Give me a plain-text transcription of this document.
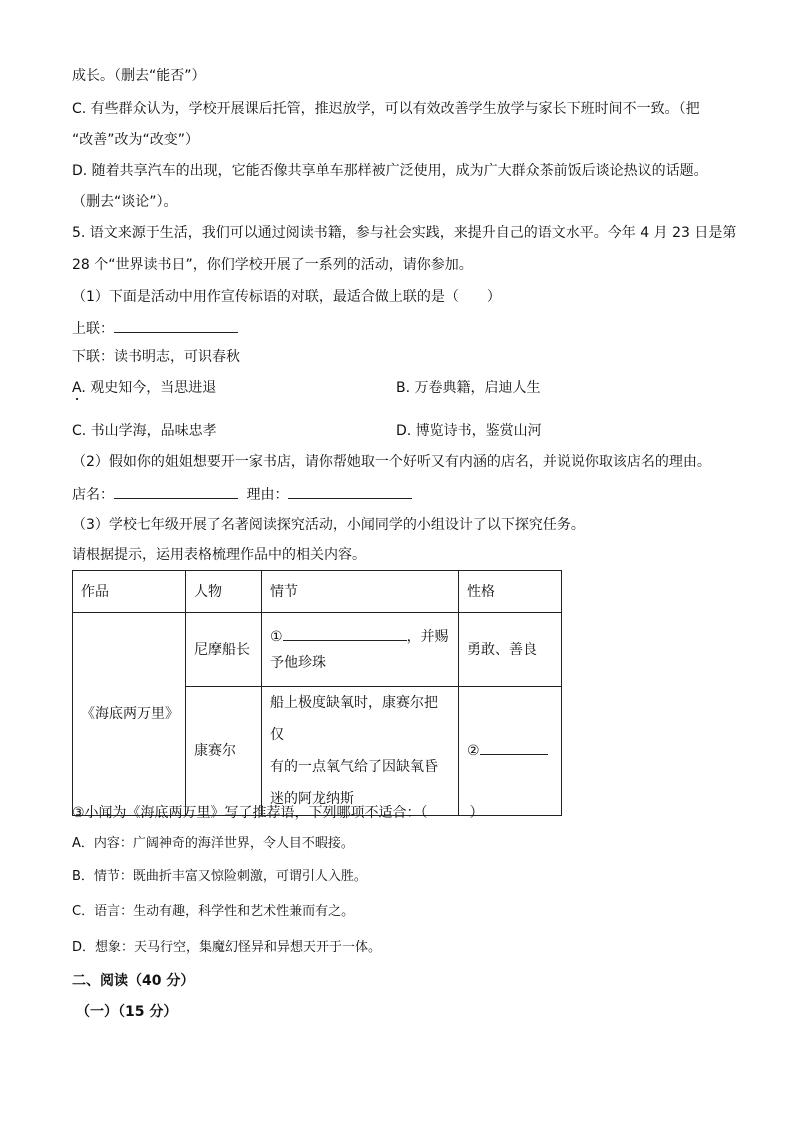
成长。（删去“能否”）
C. 有些群众认为，学校开展课后托管，推迟放学，可以有效改善学生放学与家长下班时间不一致。（把
“改善”改为“改变”）
D. 随着共享汽车的出现，它能否像共享单车那样被广泛使用，成为广大群众茶前饭后谈论热议的话题。
（删去“谈论”）。
5. 语文来源于生活，我们可以通过阅读书籍，参与社会实践，来提升自己的语文水平。今年 4 月 23 日是第
28 个“世界读书日”，你们学校开展了一系列的活动，请你参加。
（1）下面是活动中用作宣传标语的对联，最适合做上联的是（　　）
上联：
下联：读书明志，可识春秋
A. 观史知今，当思进退	B. 万卷典籍，启迪人生
C. 书山学海，品味忠孝	D. 博览诗书，鉴赏山河
（2）假如你的姐姐想要开一家书店，请你帮她取一个好听又有内涵的店名，并说说你取该店名的理由。
店名：	理由：
（3）学校七年级开展了名著阅读探究活动，小闻同学的小组设计了以下探究任务。
请根据提示，运用表格梳理作品中的相关内容。
作品	人物	情节	性格
《海底两万里》	尼摩船长	① ，并赐
予他珍珠	勇敢、善良
	康赛尔	船上极度缺氧时，康赛尔把仅
有的一点氧气给了因缺氧昏
迷的阿龙纳斯	②
③小闻为《海底两万里》写了推荐语，下列哪项不适合：（　　　）
A．内容：广阔神奇的海洋世界，令人目不暇接。
B．情节：既曲折丰富又惊险刺激，可谓引人入胜。
C．语言：生动有趣，科学性和艺术性兼而有之。
D．想象：天马行空，集魔幻怪异和异想天开于一体。
二、阅读（40 分）
（一）（15 分）
